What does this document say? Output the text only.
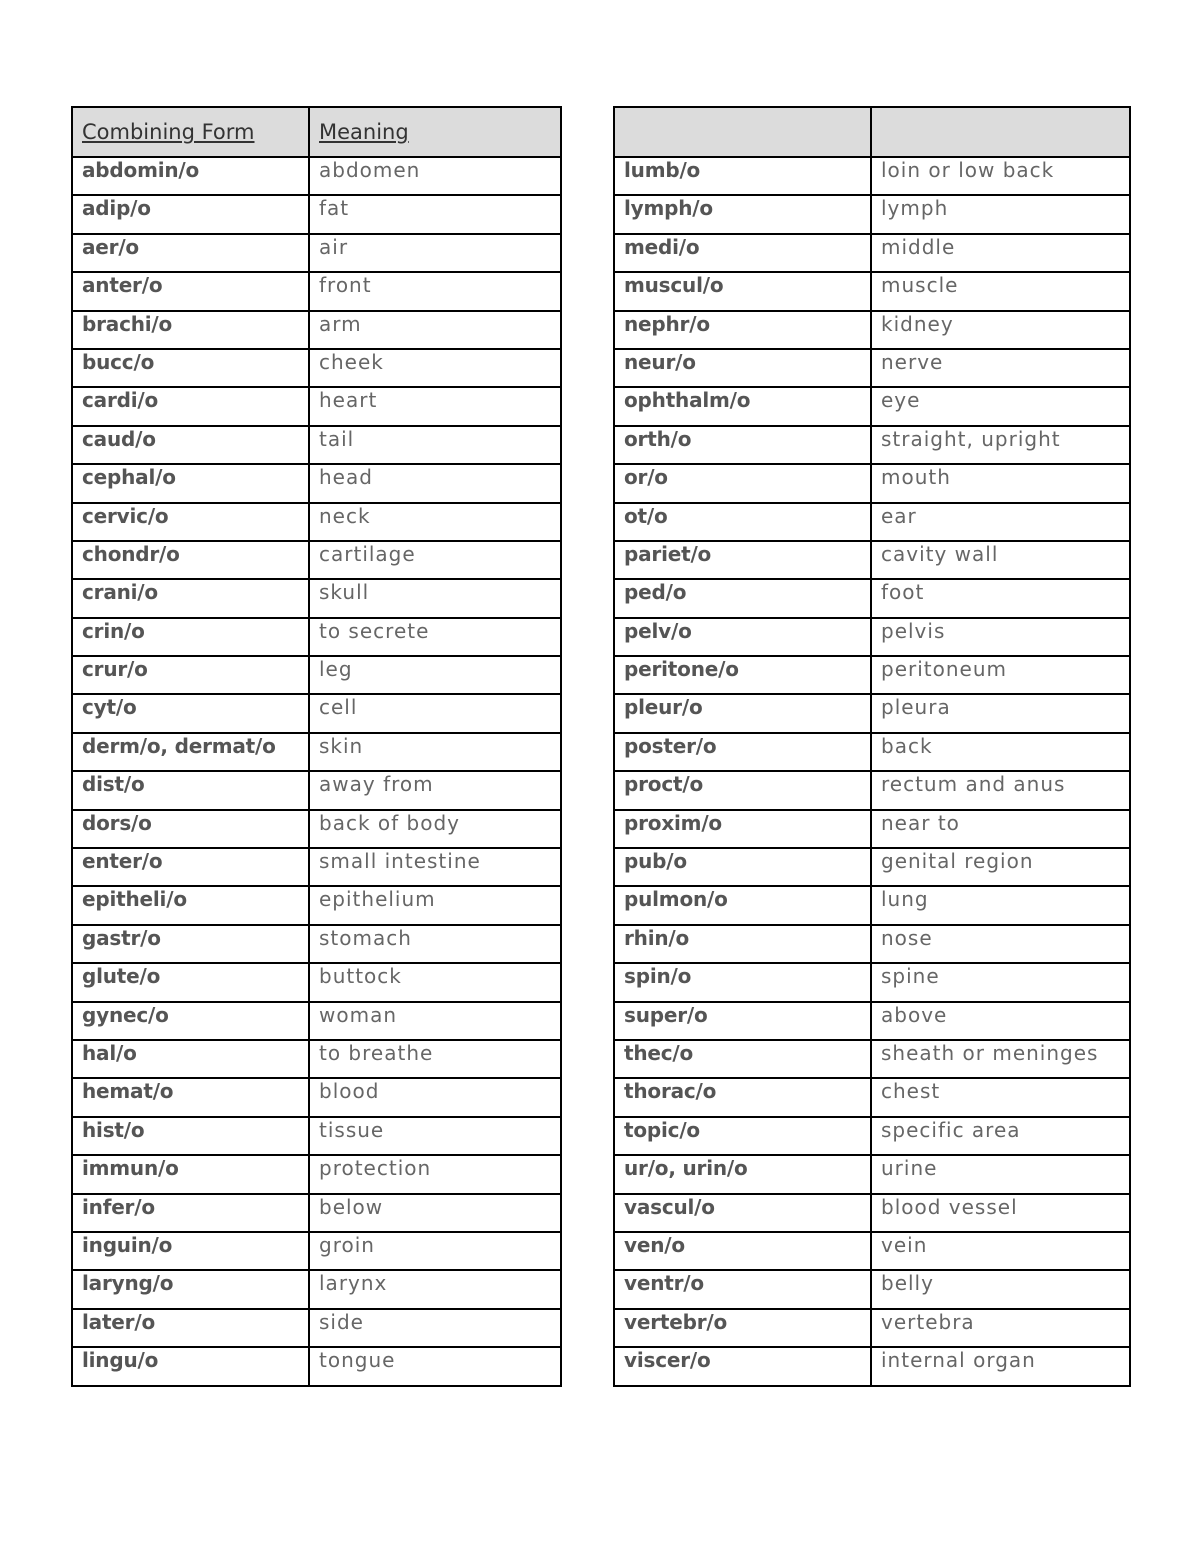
Combining Form	Meaning
abdomin/o	abdomen
adip/o	fat
aer/o	air
anter/o	front
brachi/o	arm
bucc/o	cheek
cardi/o	heart
caud/o	tail
cephal/o	head
cervic/o	neck
chondr/o	cartilage
crani/o	skull
crin/o	to secrete
crur/o	leg
cyt/o	cell
derm/o, dermat/o	skin
dist/o	away from
dors/o	back of body
enter/o	small intestine
epitheli/o	epithelium
gastr/o	stomach
glute/o	buttock
gynec/o	woman
hal/o	to breathe
hemat/o	blood
hist/o	tissue
immun/o	protection
infer/o	below
inguin/o	groin
laryng/o	larynx
later/o	side
lingu/o	tongue

lumb/o	loin or low back
lymph/o	lymph
medi/o	middle
muscul/o	muscle
nephr/o	kidney
neur/o	nerve
ophthalm/o	eye
orth/o	straight, upright
or/o	mouth
ot/o	ear
pariet/o	cavity wall
ped/o	foot
pelv/o	pelvis
peritone/o	peritoneum
pleur/o	pleura
poster/o	back
proct/o	rectum and anus
proxim/o	near to
pub/o	genital region
pulmon/o	lung
rhin/o	nose
spin/o	spine
super/o	above
thec/o	sheath or meninges
thorac/o	chest
topic/o	specific area
ur/o, urin/o	urine
vascul/o	blood vessel
ven/o	vein
ventr/o	belly
vertebr/o	vertebra
viscer/o	internal organ
